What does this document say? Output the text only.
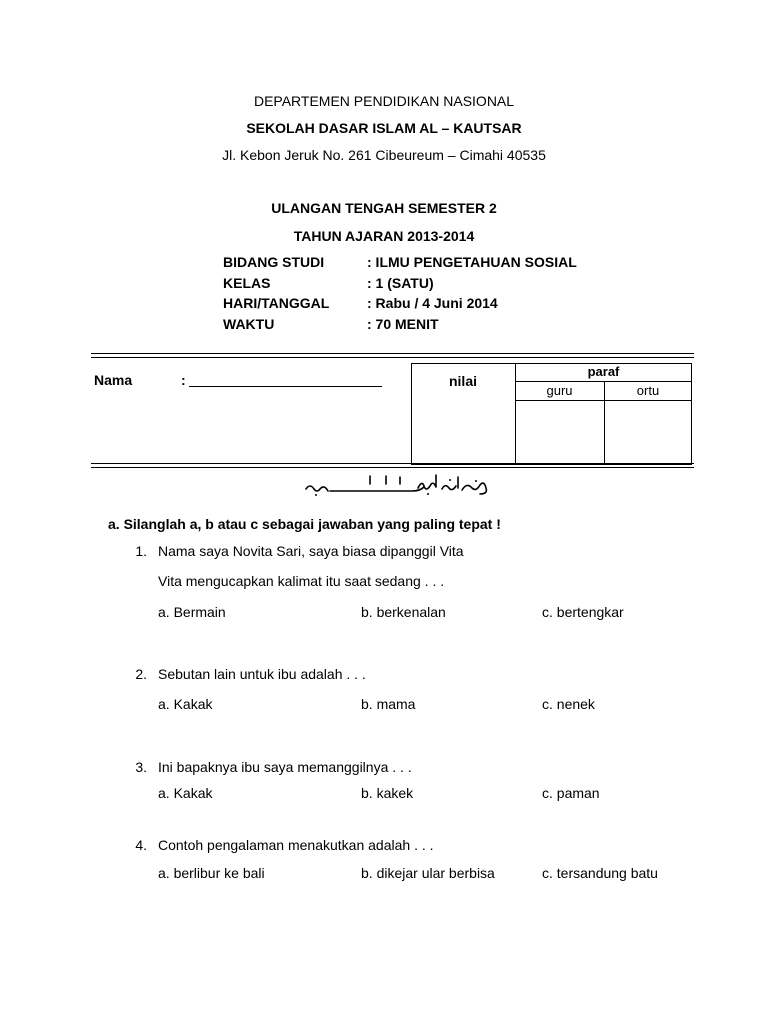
DEPARTEMEN PENDIDIKAN NASIONAL
SEKOLAH DASAR ISLAM AL – KAUTSAR
Jl. Kebon Jeruk No. 261 Cibeureum – Cimahi 40535
ULANGAN TENGAH SEMESTER 2
TAHUN AJARAN 2013-2014
BIDANG STUDI	: ILMU PENGETAHUAN SOSIAL
KELAS	: 1 (SATU)
HARI/TANGGAL	: Rabu / 4 Juni 2014
WAKTU	: 70 MENIT
Nama	:	nilai
paraf
guru	ortu
a. Silanglah a, b atau c sebagai jawaban yang paling tepat !
1. Nama saya Novita Sari, saya biasa dipanggil Vita
Vita mengucapkan kalimat itu saat sedang . . .
a. Bermain	b. berkenalan	c. bertengkar
2. Sebutan lain untuk ibu adalah . . .
a. Kakak	b. mama	c. nenek
3. Ini bapaknya ibu saya memanggilnya . . .
a. Kakak	b. kakek	c. paman
4. Contoh pengalaman menakutkan adalah . . .
a. berlibur ke bali	b. dikejar ular berbisa	c. tersandung batu
